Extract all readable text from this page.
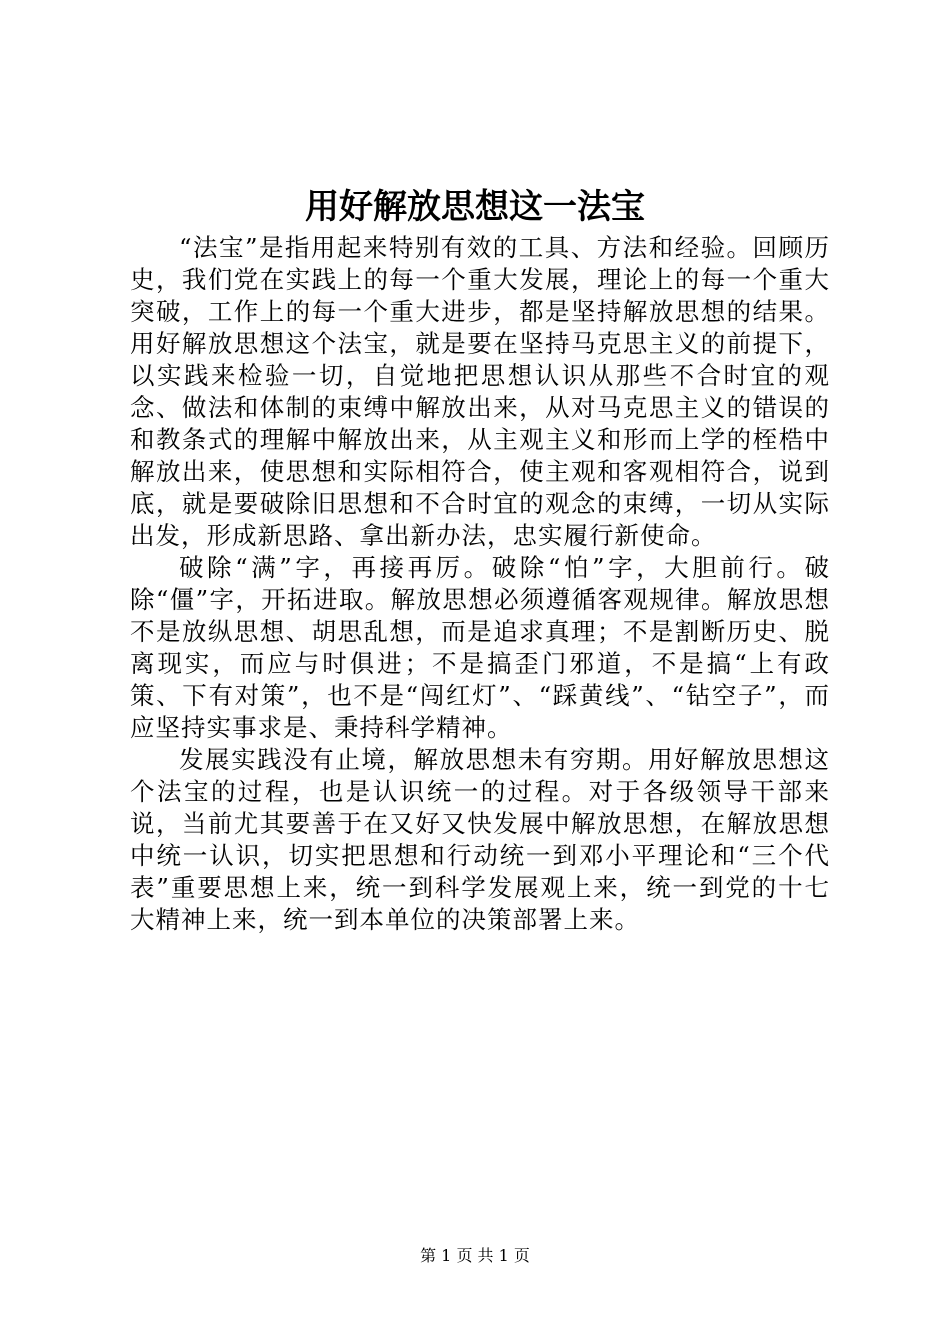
用好解放思想这一法宝

“法宝”是指用起来特别有效的工具、方法和经验。回顾历史，我们党在实践上的每一个重大发展，理论上的每一个重大突破，工作上的每一个重大进步，都是坚持解放思想的结果。用好解放思想这个法宝，就是要在坚持马克思主义的前提下，以实践来检验一切，自觉地把思想认识从那些不合时宜的观念、做法和体制的束缚中解放出来，从对马克思主义的错误的和教条式的理解中解放出来，从主观主义和形而上学的桎梏中解放出来，使思想和实际相符合，使主观和客观相符合，说到底，就是要破除旧思想和不合时宜的观念的束缚，一切从实际出发，形成新思路、拿出新办法，忠实履行新使命。

破除“满”字，再接再厉。破除“怕”字，大胆前行。破除“僵”字，开拓进取。解放思想必须遵循客观规律。解放思想不是放纵思想、胡思乱想，而是追求真理；不是割断历史、脱离现实，而应与时俱进；不是搞歪门邪道，不是搞“上有政策、下有对策”，也不是“闯红灯”、“踩黄线”、“钻空子”，而应坚持实事求是、秉持科学精神。

发展实践没有止境，解放思想未有穷期。用好解放思想这个法宝的过程，也是认识统一的过程。对于各级领导干部来说，当前尤其要善于在又好又快发展中解放思想，在解放思想中统一认识，切实把思想和行动统一到邓小平理论和“三个代表”重要思想上来，统一到科学发展观上来，统一到党的十七大精神上来，统一到本单位的决策部署上来。

第 1 页 共 1 页
